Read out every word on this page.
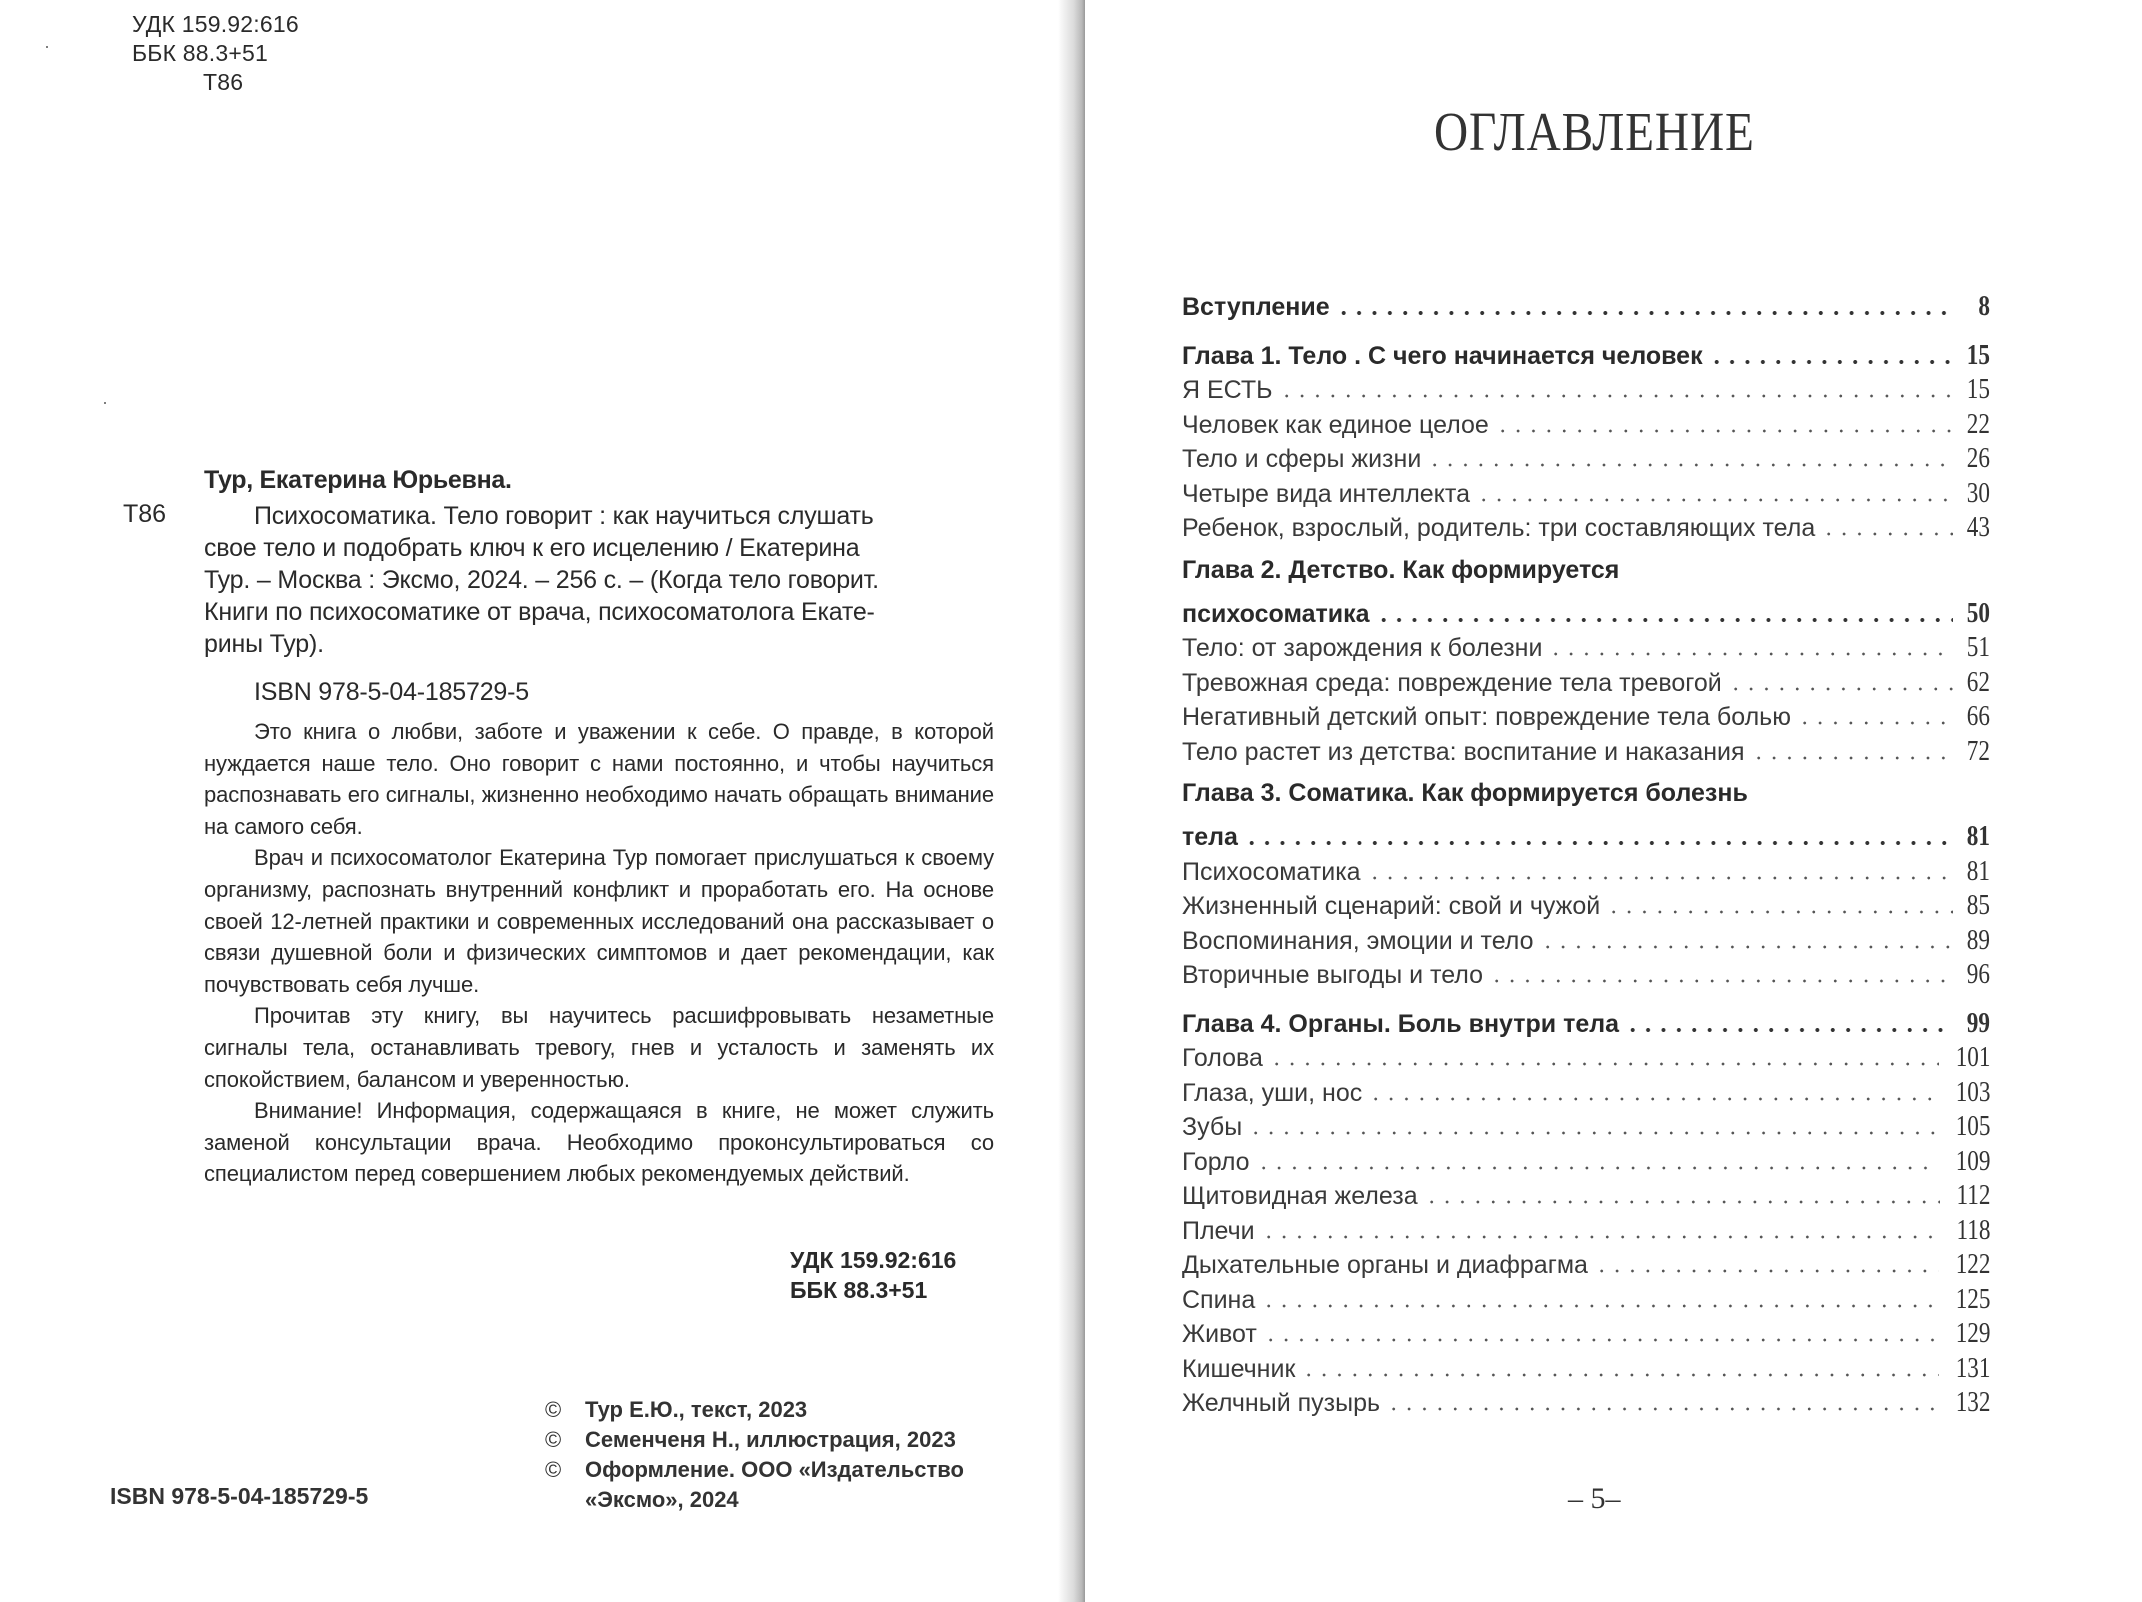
УДК 159.92:616
ББК 88.3+51
Т86
Тур, Екатерина Юрьевна.
Т86	Психосоматика. Тело говорит : как научиться слушать
свое тело и подобрать ключ к его исцелению / Екатерина
Тур. – Москва : Эксмо, 2024. – 256 с. – (Когда тело говорит.
Книги по психосоматике от врача, психосоматолога Екате-
рины Тур).
ISBN 978-5-04-185729-5

Это книга о любви, заботе и уважении к себе. О правде, в которой нуждается наше тело. Оно говорит с нами постоянно, и чтобы научиться распознавать его сигналы, жизненно необходимо начать обращать внимание на самого себя.

Врач и психосоматолог Екатерина Тур помогает прислушаться к своему организму, распознать внутренний конфликт и проработать его. На основе своей 12-летней практики и современных исследований она рассказывает о связи душевной боли и физических симптомов и дает рекомендации, как почувствовать себя лучше.

Прочитав эту книгу, вы научитесь расшифровывать незаметные сигналы тела, останавливать тревогу, гнев и усталость и заменять их спокойствием, балансом и уверенностью.

Внимание! Информация, содержащаяся в книге, не может служить заменой консультации врача. Необходимо проконсультироваться со специалистом перед совершением любых рекомендуемых действий.

УДК 159.92:616
ББК 88.3+51
©	Тур Е.Ю., текст, 2023
©	Семенченя Н., иллюстрация, 2023
©	Оформление. ООО «Издательство
«Эксмо», 2024
ISBN 978-5-04-185729-5
ОГЛАВЛЕНИЕ
Вступление	8
Глава 1. Тело . С чего начинается человек	15
Я ЕСТЬ	15
Человек как единое целое	22
Тело и сферы жизни	26
Четыре вида интеллекта	30
Ребенок, взрослый, родитель: три составляющих тела	43
Глава 2. Детство. Как формируется
психосоматика	50
Тело: от зарождения к болезни	51
Тревожная среда: повреждение тела тревогой	62
Негативный детский опыт: повреждение тела болью	66
Тело растет из детства: воспитание и наказания	72
Глава 3. Соматика. Как формируется болезнь
тела	81
Психосоматика	81
Жизненный сценарий: свой и чужой	85
Воспоминания, эмоции и тело	89
Вторичные выгоды и тело	96
Глава 4. Органы. Боль внутри тела	99
Голова	101
Глаза, уши, нос	103
Зубы	105
Горло	109
Щитовидная железа	112
Плечи	118
Дыхательные органы и диафрагма	122
Спина	125
Живот	129
Кишечник	131
Желчный пузырь	132
– 5–
